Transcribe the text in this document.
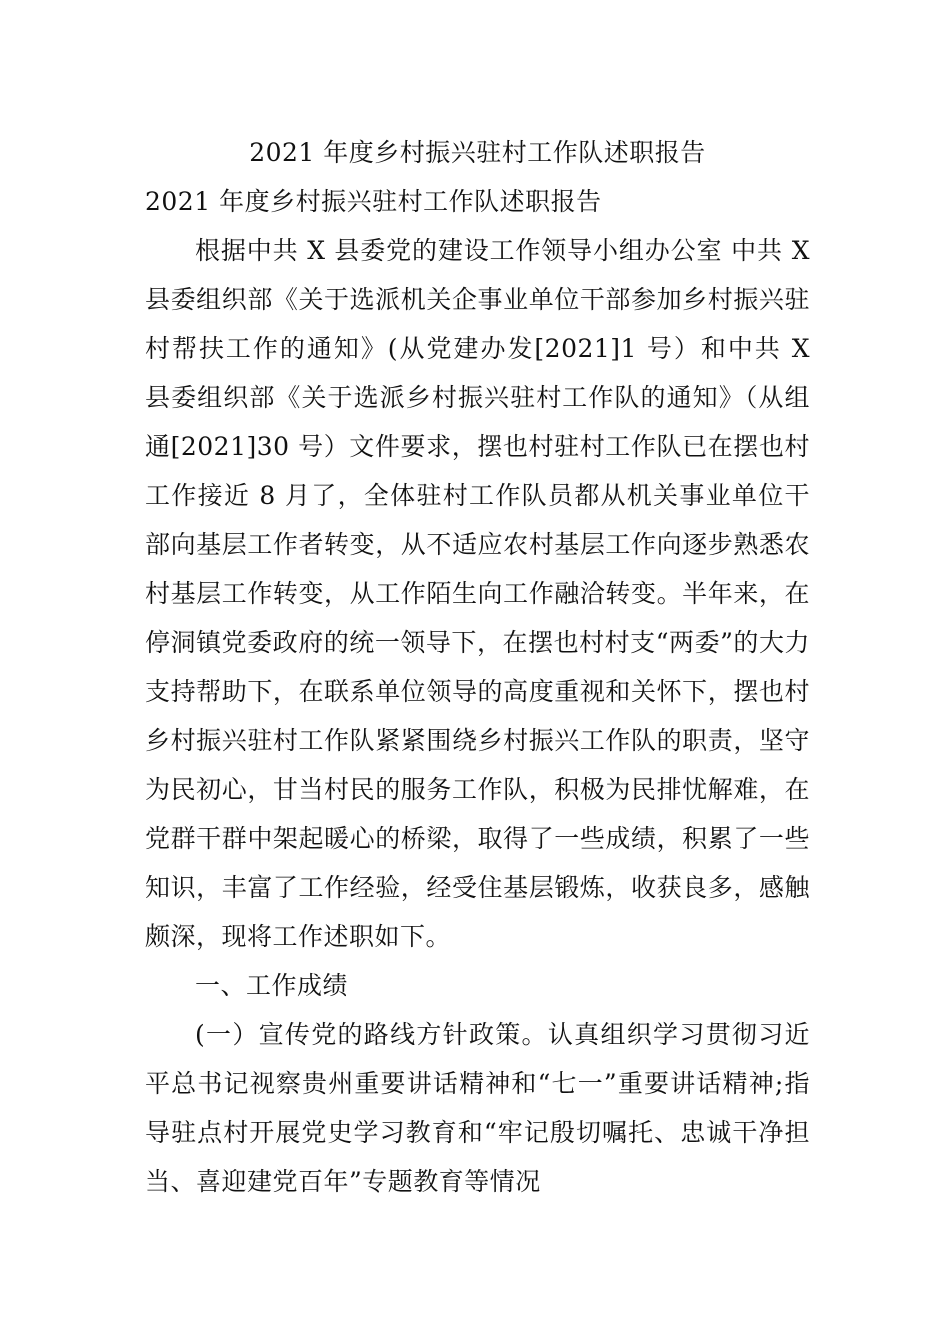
2021 年度乡村振兴驻村工作队述职报告

2021 年度乡村振兴驻村工作队述职报告

根据中共 X 县委党的建设工作领导小组办公室 中共 X 县委组织部《关于选派机关企事业单位干部参加乡村振兴驻村帮扶工作的通知》(从党建办发[2021]1 号）和中共 X 县委组织部《关于选派乡村振兴驻村工作队的通知》（从组通[2021]30 号）文件要求，摆也村驻村工作队已在摆也村工作接近 8 月了，全体驻村工作队员都从机关事业单位干部向基层工作者转变，从不适应农村基层工作向逐步熟悉农村基层工作转变，从工作陌生向工作融洽转变。半年来，在停洞镇党委政府的统一领导下，在摆也村村支“两委”的大力支持帮助下，在联系单位领导的高度重视和关怀下，摆也村乡村振兴驻村工作队紧紧围绕乡村振兴工作队的职责，坚守为民初心，甘当村民的服务工作队，积极为民排忧解难，在党群干群中架起暖心的桥梁，取得了一些成绩，积累了一些知识，丰富了工作经验，经受住基层锻炼，收获良多，感触颇深，现将工作述职如下。

一、工作成绩

(一）宣传党的路线方针政策。认真组织学习贯彻习近平总书记视察贵州重要讲话精神和“七一”重要讲话精神;指导驻点村开展党史学习教育和“牢记殷切嘱托、忠诚干净担当、喜迎建党百年”专题教育等情况
